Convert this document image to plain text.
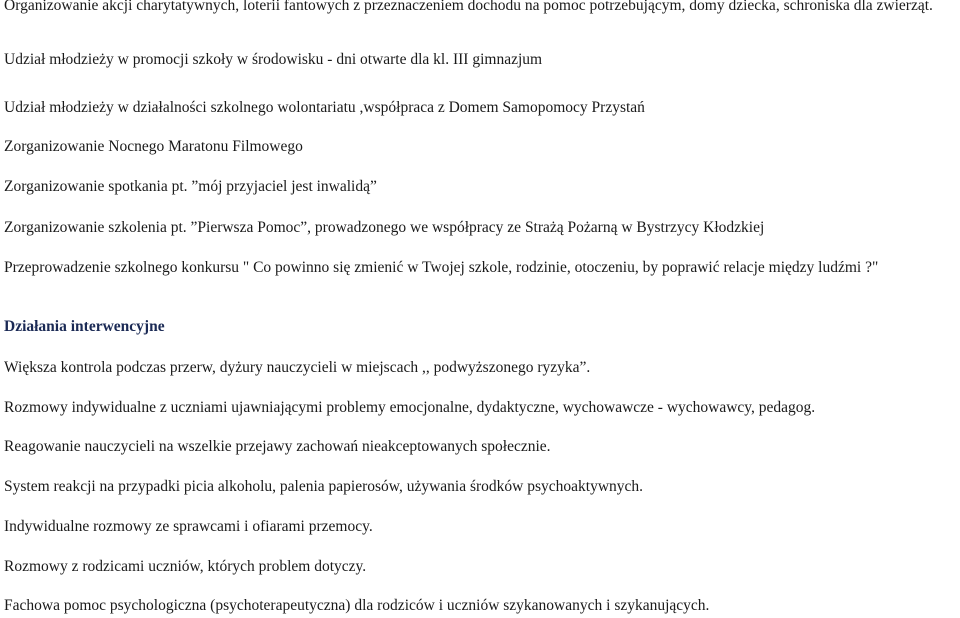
Organizowanie akcji charytatywnych, loterii fantowych z przeznaczeniem dochodu na pomoc potrzebującym, domy dziecka, schroniska dla zwierząt.

Udział młodzieży w promocji szkoły w środowisku - dni otwarte dla kl. III gimnazjum

Udział młodzieży w działalności szkolnego wolontariatu ,współpraca z Domem Samopomocy Przystań

Zorganizowanie Nocnego Maratonu Filmowego

Zorganizowanie spotkania pt. ”mój przyjaciel jest inwalidą”

Zorganizowanie szkolenia pt. ”Pierwsza Pomoc”, prowadzonego we współpracy ze Strażą Pożarną w Bystrzycy Kłodzkiej

Przeprowadzenie szkolnego konkursu " Co powinno się zmienić w Twojej szkole, rodzinie, otoczeniu, by poprawić relacje między ludźmi ?"

Działania interwencyjne

Większa kontrola podczas przerw, dyżury nauczycieli w miejscach ,, podwyższonego ryzyka”.

Rozmowy indywidualne z uczniami ujawniającymi problemy emocjonalne, dydaktyczne, wychowawcze - wychowawcy, pedagog.

Reagowanie nauczycieli na wszelkie przejawy zachowań nieakceptowanych społecznie.

System reakcji na przypadki picia alkoholu, palenia papierosów, używania środków psychoaktywnych.

Indywidualne rozmowy ze sprawcami i ofiarami przemocy.

Rozmowy z rodzicami uczniów, których problem dotyczy.

Fachowa pomoc psychologiczna (psychoterapeutyczna) dla rodziców i uczniów szykanowanych i szykanujących.
